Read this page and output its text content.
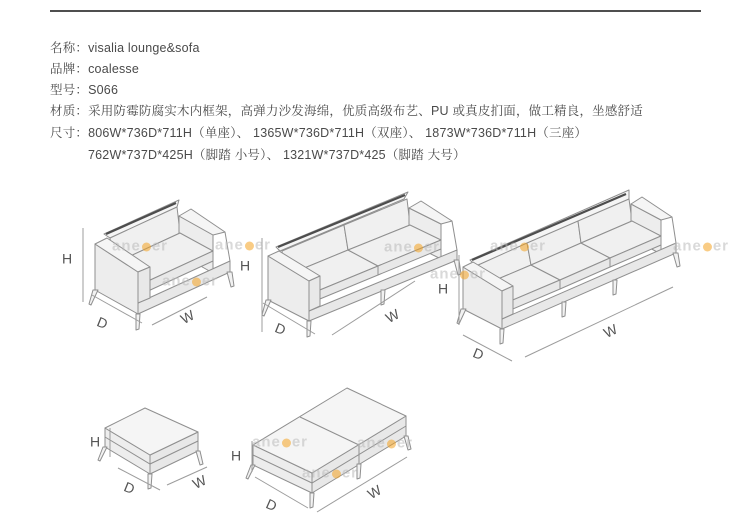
名称：visalia lounge&sofa
品牌：coalesse
型号：S066
材质：采用防霉防腐实木内框架，高弹力沙发海绵，优质高级布艺、PU 或真皮扪面，做工精良，坐感舒适
尺寸：806W*736D*711H（单座）、 1365W*736D*711H（双座）、 1873W*736D*711H（三座）
762W*737D*425H（脚踏 小号）、 1321W*737D*425（脚踏 大号）
H
D	W
H
D
W
H
D
W
H
D	W
H
D
W
ane er	ane er	ane er	ane er	ane er
ane er	ane er
ane er	ane er
ane er
